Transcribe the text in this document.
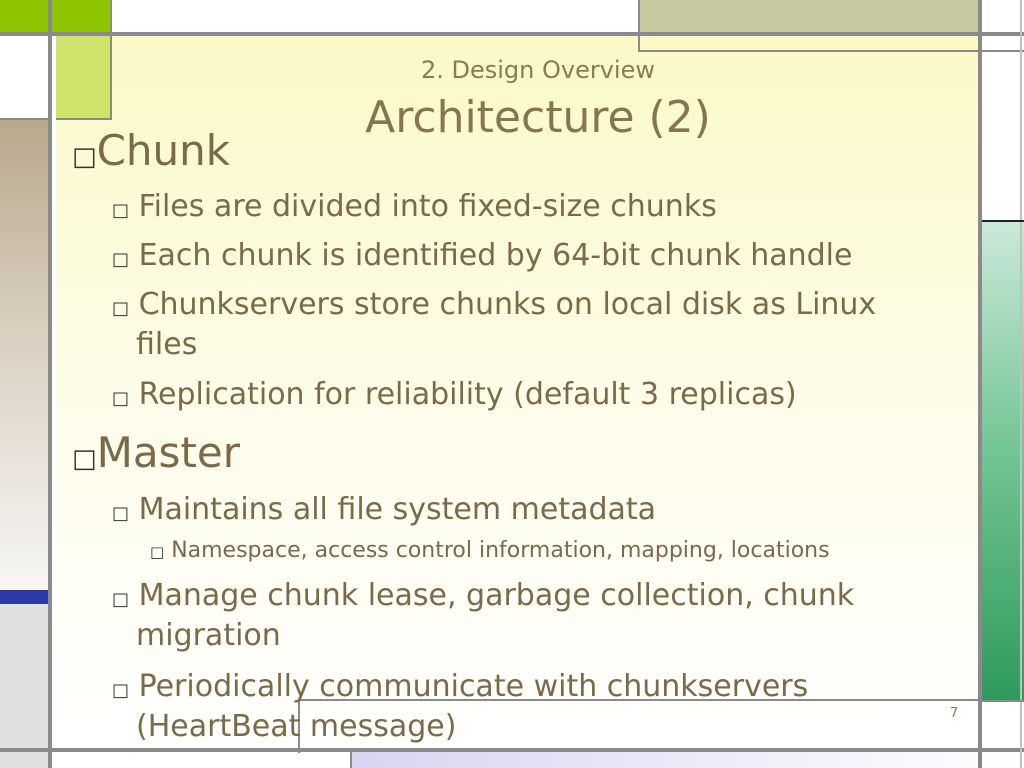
2. Design Overview
Architecture (2)
□Chunk
□ Files are divided into fixed-size chunks
□ Each chunk is identified by 64-bit chunk handle
□ Chunkservers store chunks on local disk as Linux
files
□ Replication for reliability (default 3 replicas)
□Master
□ Maintains all file system metadata
□ Namespace, access control information, mapping, locations
□ Manage chunk lease, garbage collection, chunk
migration
□ Periodically communicate with chunkservers
(HeartBeat message)	7
